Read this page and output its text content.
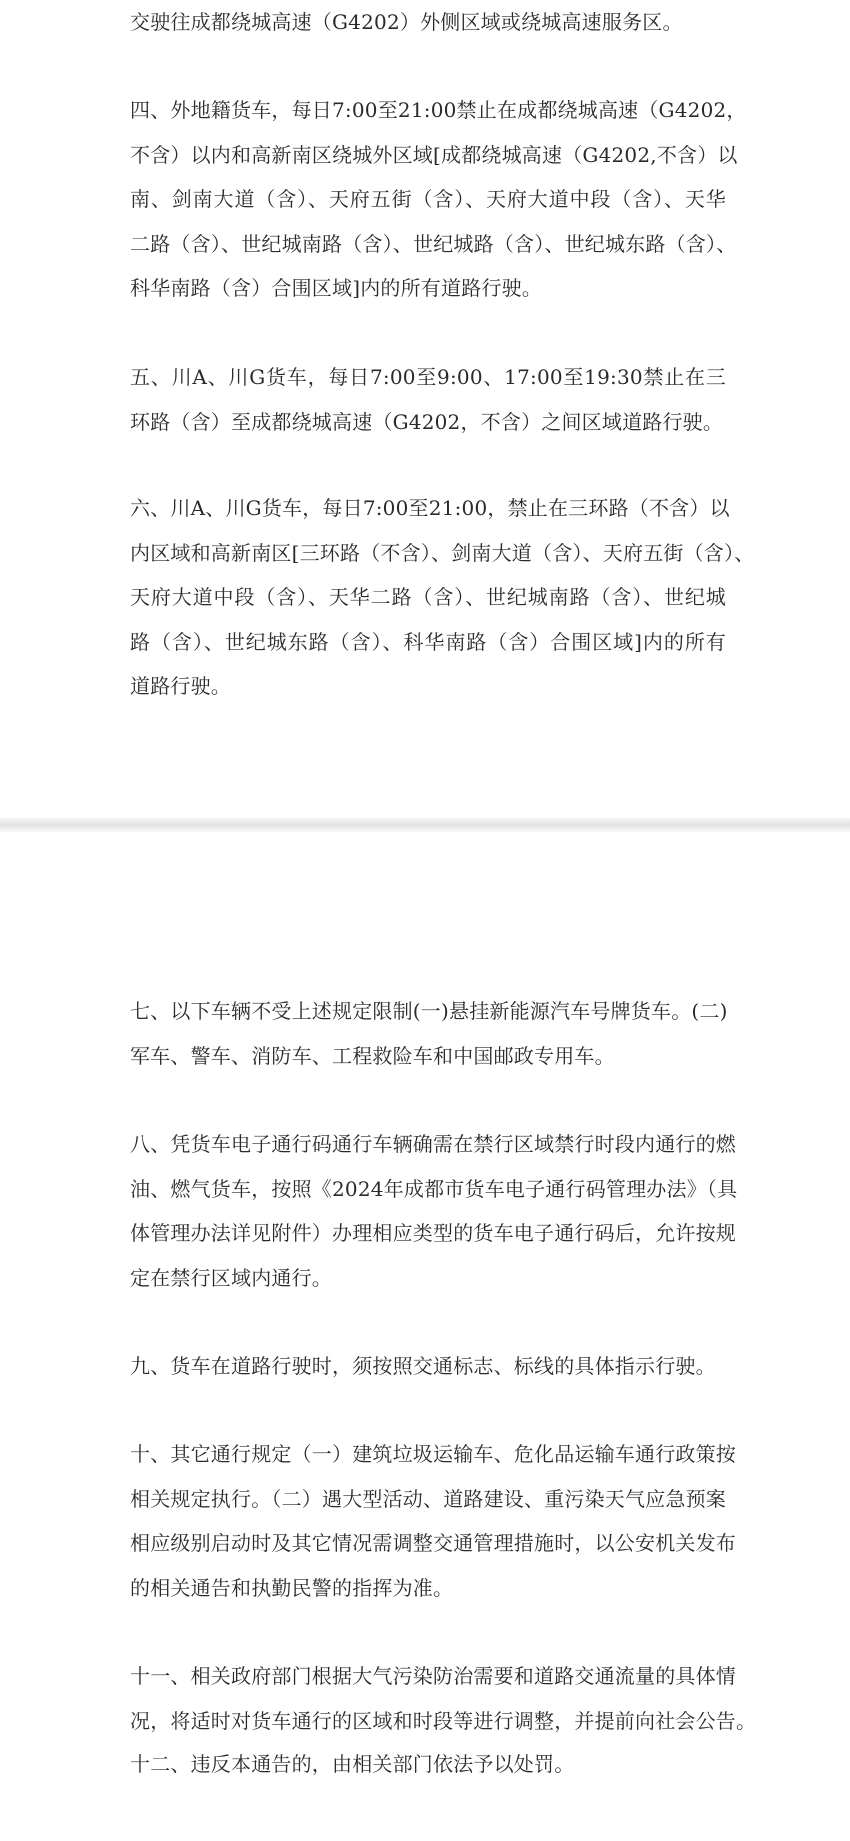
交驶往成都绕城高速（G4202）外侧区域或绕城高速服务区。

四、外地籍货车，每日7:00至21:00禁止在成都绕城高速（G4202，
不含）以内和高新南区绕城外区域[成都绕城高速（G4202,不含）以
南、剑南大道（含）、天府五街（含）、天府大道中段（含）、天华
二路（含）、世纪城南路（含）、世纪城路（含）、世纪城东路（含）、
科华南路（含）合围区域]内的所有道路行驶。

五、川A、川G货车，每日7:00至9:00、17:00至19:30禁止在三
环路（含）至成都绕城高速（G4202，不含）之间区域道路行驶。

六、川A、川G货车，每日7:00至21:00，禁止在三环路（不含）以
内区域和高新南区[三环路（不含）、剑南大道（含）、天府五街（含）、
天府大道中段（含）、天华二路（含）、世纪城南路（含）、世纪城
路（含）、世纪城东路（含）、科华南路（含）合围区域]内的所有
道路行驶。

七、以下车辆不受上述规定限制(一)悬挂新能源汽车号牌货车。(二)
军车、警车、消防车、工程救险车和中国邮政专用车。

八、凭货车电子通行码通行车辆确需在禁行区域禁行时段内通行的燃
油、燃气货车，按照《2024年成都市货车电子通行码管理办法》（具
体管理办法详见附件）办理相应类型的货车电子通行码后，允许按规
定在禁行区域内通行。

九、货车在道路行驶时，须按照交通标志、标线的具体指示行驶。

十、其它通行规定（一）建筑垃圾运输车、危化品运输车通行政策按
相关规定执行。（二）遇大型活动、道路建设、重污染天气应急预案
相应级别启动时及其它情况需调整交通管理措施时，以公安机关发布
的相关通告和执勤民警的指挥为准。

十一、相关政府部门根据大气污染防治需要和道路交通流量的具体情
况，将适时对货车通行的区域和时段等进行调整，并提前向社会公告。

十二、违反本通告的，由相关部门依法予以处罚。
